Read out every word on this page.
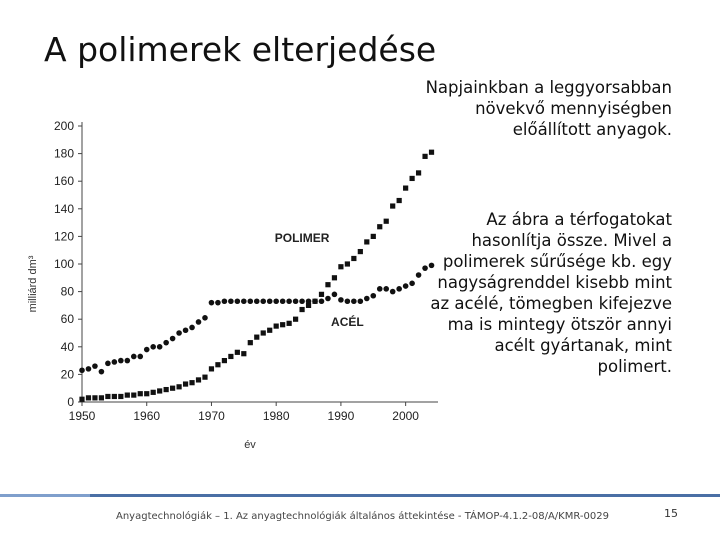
A polimerek elterjedése
Napjainkban a leggyorsabban növekvő mennyiségben előállított anyagok.
Az ábra a térfogatokat hasonlítja össze. Mivel a polimerek sűrűsége kb. egy nagyságrenddel kisebb mint az acélé, tömegben kifejezve ma is mintegy ötször annyi acélt gyártanak, mint polimert.
0
20
40
60
80
100
120
140
160
180
200
1950	1960	1970	1980	1990	2000
év
milliárd dm³
POLIMER
ACÉL
Anyagtechnológiák – 1. Az anyagtechnológiák általános áttekintése - TÁMOP-4.1.2-08/A/KMR-0029	15
